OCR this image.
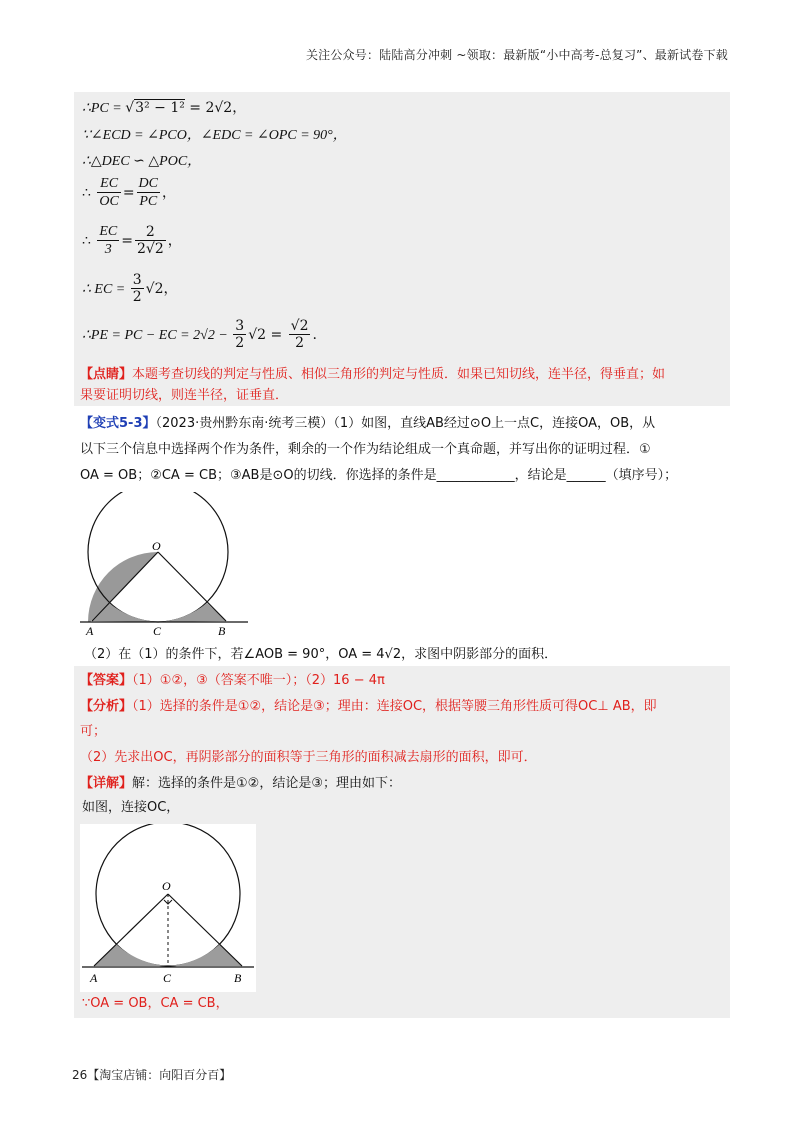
关注公众号：陆陆高分冲刺 ~领取：最新版“小中高考-总复习”、最新试卷下载
∴PC = √3² − 1² = 2√2，
∵∠ECD = ∠PCO，∠EDC = ∠OPC = 90°，
∴△DEC ∽ △POC，
∴ $\frac{EC}{OC} = \frac{DC}{PC}$ ，
∴ $\frac{EC}{3} = \frac{2}{2√2}$ ，
∴ EC = $\frac{3}{2} √2$，
∴PE = PC − EC = $2√2 - \frac{3}{2} √2 = \frac{√2}{2}$ .
【点睛】本题考查切线的判定与性质、相似三角形的判定与性质．如果已知切线，连半径，得垂直；如
果要证明切线，则连半径，证垂直．
【变式5-3】（2023·贵州黔东南·统考三模）（1）如图，直线AB经过⊙O上一点C，连接OA，OB，从
以下三个信息中选择两个作为条件，剩余的一个作为结论组成一个真命题，并写出你的证明过程．①
OA = OB；②CA = CB；③AB是⊙O的切线．你选择的条件是____________，结论是______（填序号）；
O
A	C	B
（2）在（1）的条件下，若∠AOB = 90°，OA = 4√2，求图中阴影部分的面积．
【答案】（1）①②，③（答案不唯一）；（2）16 − 4π
【分析】（1）选择的条件是①②，结论是③；理由：连接OC，根据等腰三角形性质可得OC⊥ AB，即
可；
（2）先求出OC，再阴影部分的面积等于三角形的面积减去扇形的面积，即可．
【详解】解：选择的条件是①②，结论是③；理由如下：
如图，连接OC，
O
A	C	B
∵OA = OB，CA = CB，
26【淘宝店铺：向阳百分百】
